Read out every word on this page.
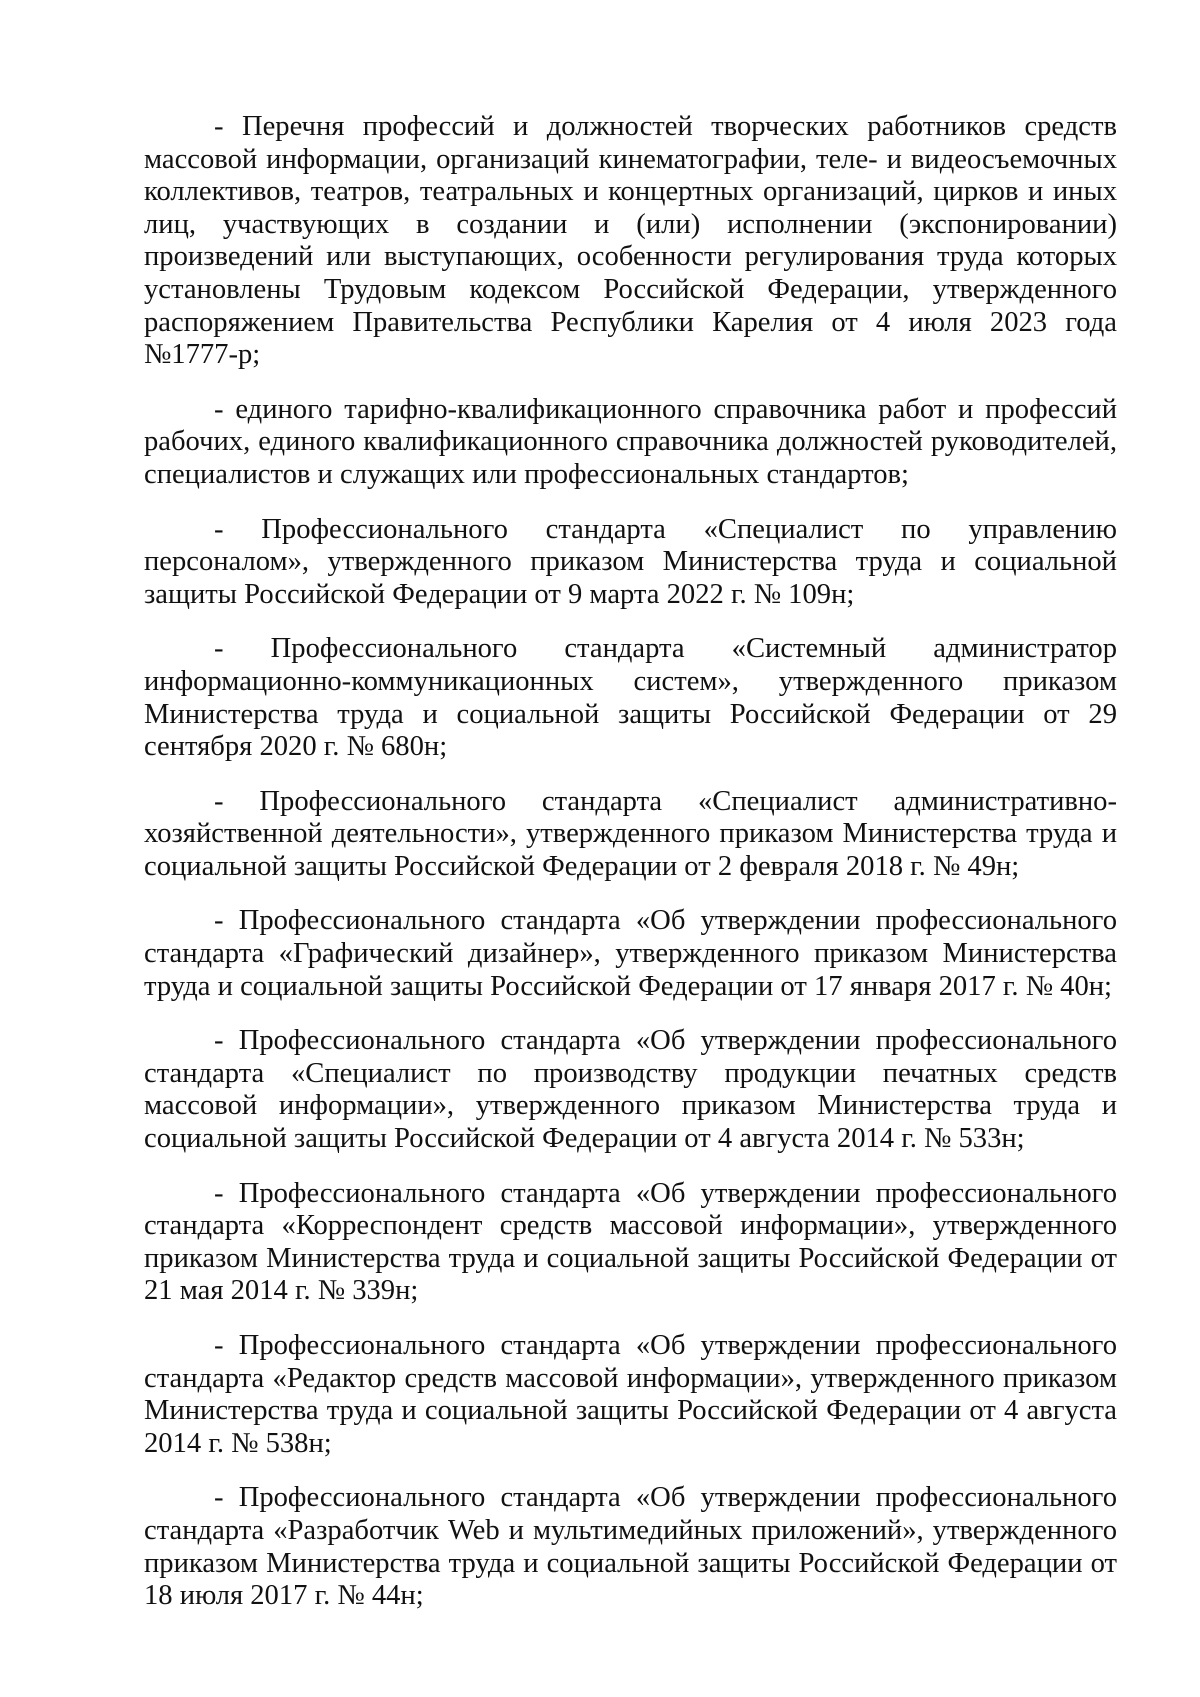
- Перечня профессий и должностей творческих работников средств массовой информации, организаций кинематографии, теле- и видеосъемочных коллективов, театров, театральных и концертных организаций, цирков и иных лиц, участвующих в создании и (или) исполнении (экспонировании) произведений или выступающих, особенности регулирования труда которых установлены Трудовым кодексом Российской Федерации, утвержденного распоряжением Правительства Республики Карелия от 4 июля 2023 года №1777-р;

- единого тарифно-квалификационного справочника работ и профессий рабочих, единого квалификационного справочника должностей руководителей, специалистов и служащих или профессиональных стандартов;

- Профессионального стандарта «Специалист по управлению персоналом», утвержденного приказом Министерства труда и социальной защиты Российской Федерации от 9 марта 2022 г. № 109н;

- Профессионального стандарта «Системный администратор информационно-коммуникационных систем», утвержденного приказом Министерства труда и социальной защиты Российской Федерации от 29 сентября 2020 г. № 680н;

- Профессионального стандарта «Специалист административно-хозяйственной деятельности», утвержденного приказом Министерства труда и социальной защиты Российской Федерации от 2 февраля 2018 г. № 49н;

- Профессионального стандарта «Об утверждении профессионального стандарта «Графический дизайнер», утвержденного приказом Министерства труда и социальной защиты Российской Федерации от 17 января 2017 г. № 40н;

- Профессионального стандарта «Об утверждении профессионального стандарта «Специалист по производству продукции печатных средств массовой информации», утвержденного приказом Министерства труда и социальной защиты Российской Федерации от 4 августа 2014 г. № 533н;

- Профессионального стандарта «Об утверждении профессионального стандарта «Корреспондент средств массовой информации», утвержденного приказом Министерства труда и социальной защиты Российской Федерации от 21 мая 2014 г. № 339н;

- Профессионального стандарта «Об утверждении профессионального стандарта «Редактор средств массовой информации», утвержденного приказом Министерства труда и социальной защиты Российской Федерации от 4 августа 2014 г. № 538н;

- Профессионального стандарта «Об утверждении профессионального стандарта «Разработчик Web и мультимедийных приложений», утвержденного приказом Министерства труда и социальной защиты Российской Федерации от 18 июля 2017 г. № 44н;
